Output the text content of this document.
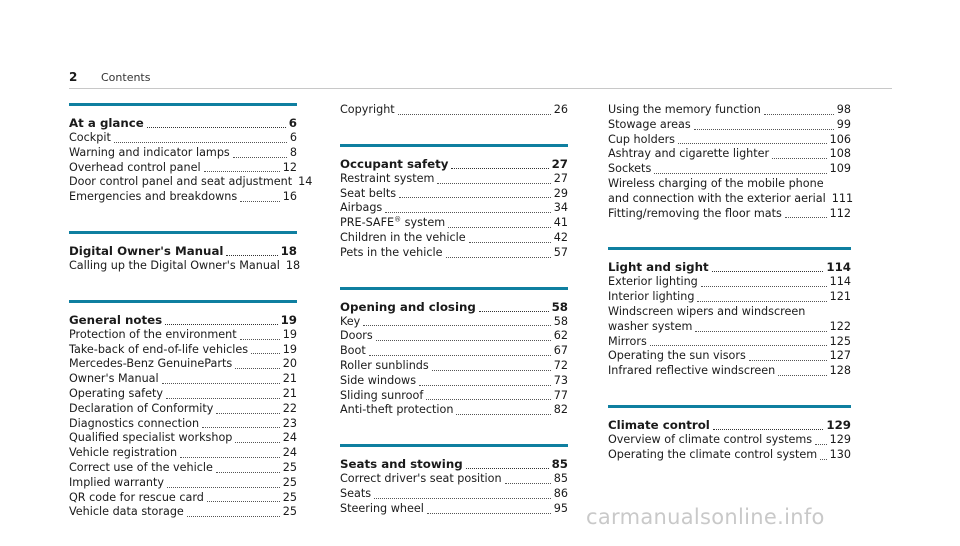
2 Contents
At a glance	6
Cockpit	6
Warning and indicator lamps	8
Overhead control panel	12
Door control panel and seat adjustment 14
Emergencies and breakdowns	16
Digital Owner's Manual	18
Calling up the Digital Owner's Manual 18
General notes	19
Protection of the environment	19
Take-back of end-of-life vehicles	19
Mercedes-Benz GenuineParts	20
Owner's Manual	21
Operating safety	21
Declaration of Conformity	22
Diagnostics connection	23
Qualified specialist workshop	24
Vehicle registration	24
Correct use of the vehicle	25
Implied warranty	25
QR code for rescue card	25
Vehicle data storage	25
Copyright	26
Occupant safety	27
Restraint system	27
Seat belts	29
Airbags	34
PRE-SAFE® system	41
Children in the vehicle	42
Pets in the vehicle	57
Opening and closing	58
Key	58
Doors	62
Boot	67
Roller sunblinds	72
Side windows	73
Sliding sunroof	77
Anti-theft protection	82
Seats and stowing	85
Correct driver's seat position	85
Seats	86
Steering wheel	95
Using the memory function	98
Stowage areas	99
Cup holders	106
Ashtray and cigarette lighter	108
Sockets	109
Wireless charging of the mobile phone
and connection with the exterior aerial 111
Fitting/removing the floor mats	112
Light and sight	114
Exterior lighting	114
Interior lighting	121
Windscreen wipers and windscreen
washer system	122
Mirrors	125
Operating the sun visors	127
Infrared reflective windscreen	128
Climate control	129
Overview of climate control systems 129
Operating the climate control system 130
carmanualsonline.info
